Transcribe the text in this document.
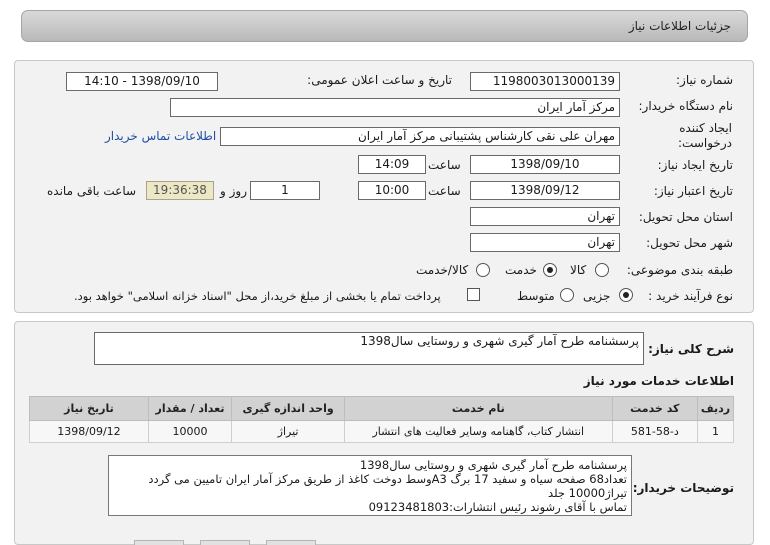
جزئیات اطلاعات نیاز
شماره نیاز:
1198003013000139
تاریخ و ساعت اعلان عمومی:
1398/09/10 - 14:10
نام دستگاه خریدار:
مرکز آمار ایران
ایجاد کننده درخواست:
مهران علی نقی کارشناس پشتیبانی مرکز آمار ایران
اطلاعات تماس خریدار
تاریخ ایجاد نیاز:
1398/09/10
ساعت
14:09
تاریخ اعتبار نیاز:
1398/09/12
ساعت
10:00
1
روز و
19:36:38
ساعت باقی مانده
استان محل تحویل:
تهران
شهر محل تحویل:
تهران
طبقه بندی موضوعی:
کالا
خدمت
کالا/خدمت
نوع فرآیند خرید :
جزیی
متوسط
پرداخت تمام یا بخشی از مبلغ خرید،از محل "اسناد خزانه اسلامی" خواهد بود.
شرح کلی نیاز:
پرسشنامه طرح آمار گیری شهری و روستایی سال1398
اطلاعات خدمات مورد نیاز
ردیف	کد خدمت	نام خدمت	واحد اندازه گیری	تعداد / مقدار	تاریخ نیاز
1	د-58-581	انتشار کتاب، گاهنامه وسایر فعالیت های انتشار	تیراژ	10000	1398/09/12
توضیحات خریدار:
پرسشنامه طرح آمار گیری شهری و روستایی سال1398
تعداد68 صفحه سیاه و سفید 17 برگ A3وسط دوخت کاغذ از طریق مرکز آمار ایران تامیین می گردد
تیراژ10000 جلد
تماس با آقای رشوند رئیس انتشارات:09123481803
